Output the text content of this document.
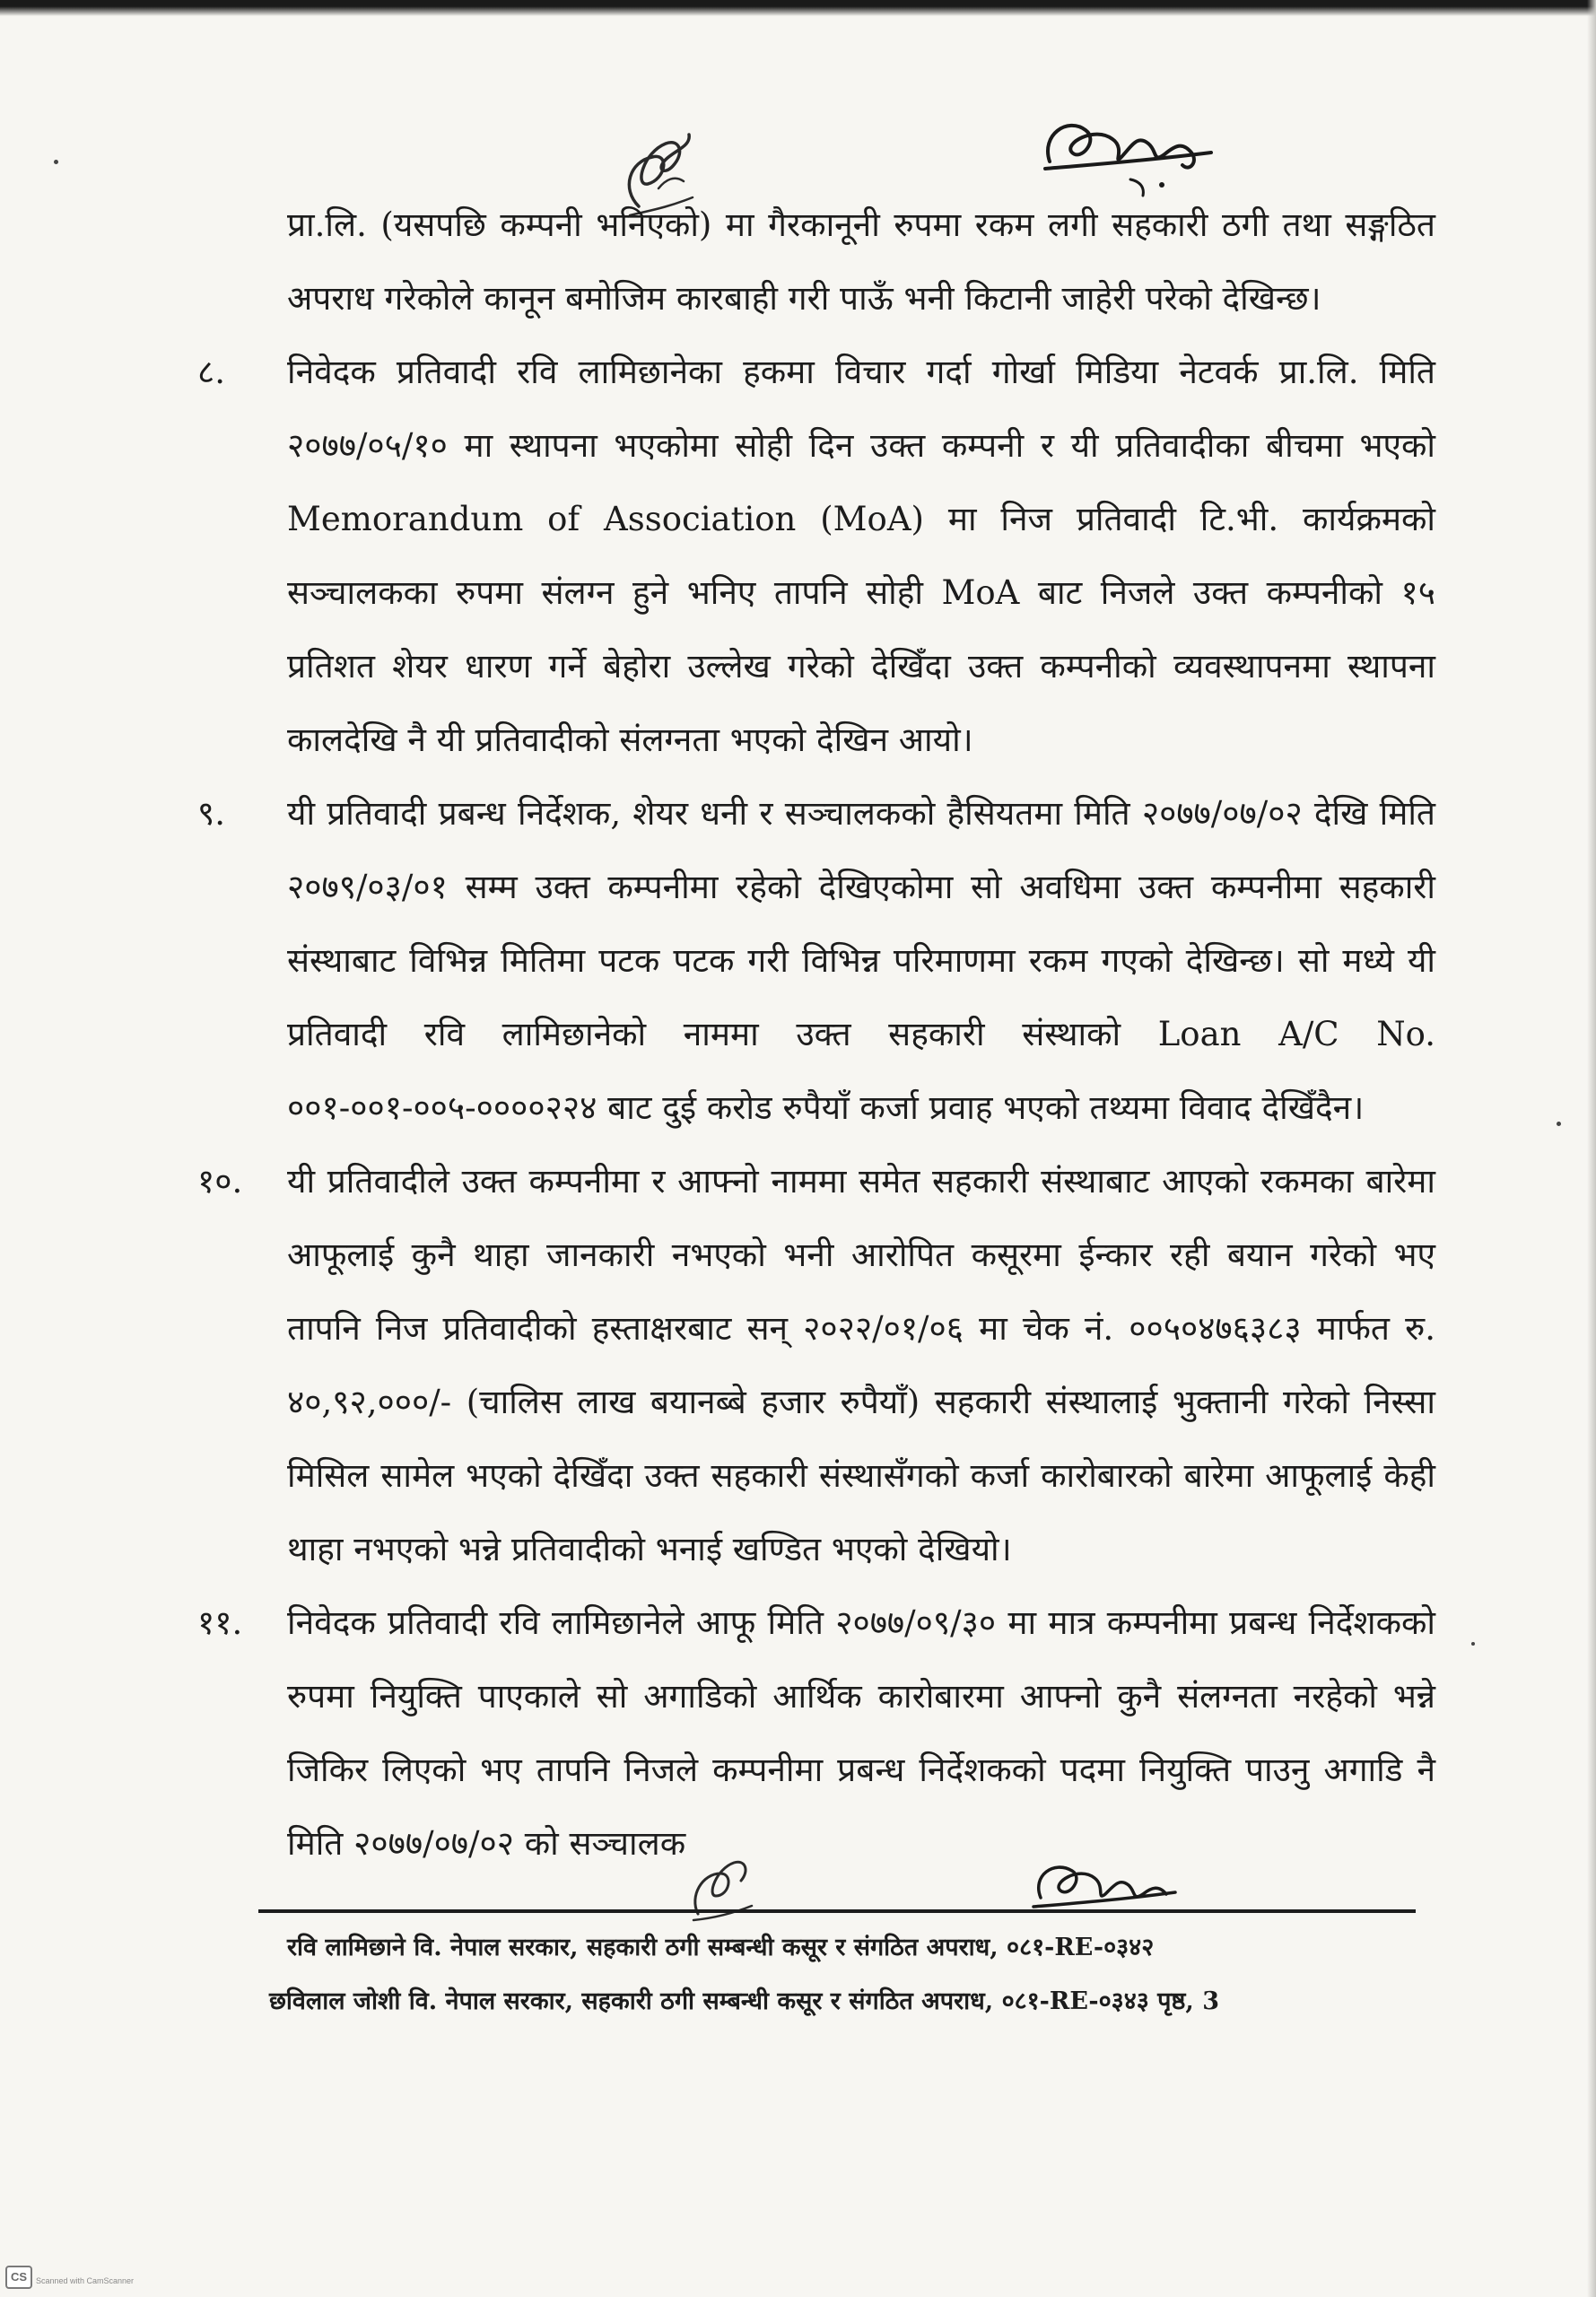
प्रा.लि. (यसपछि कम्पनी भनिएको) मा गैरकानूनी रुपमा रकम लगी सहकारी ठगी तथा सङ्गठित अपराध गरेकोले कानून बमोजिम कारबाही गरी पाऊँ भनी किटानी जाहेरी परेको देखिन्छ।

८.	निवेदक प्रतिवादी रवि लामिछानेका हकमा विचार गर्दा गोर्खा मिडिया नेटवर्क प्रा.लि. मिति २०७७/०५/१० मा स्थापना भएकोमा सोही दिन उक्त कम्पनी र यी प्रतिवादीका बीचमा भएको Memorandum of Association (MoA) मा निज प्रतिवादी टि.भी. कार्यक्रमको सञ्चालकका रुपमा संलग्न हुने भनिए तापनि सोही MoA बाट निजले उक्त कम्पनीको १५ प्रतिशत शेयर धारण गर्ने बेहोरा उल्लेख गरेको देखिँदा उक्त कम्पनीको व्यवस्थापनमा स्थापना कालदेखि नै यी प्रतिवादीको संलग्नता भएको देखिन आयो।

९.	यी प्रतिवादी प्रबन्ध निर्देशक, शेयर धनी र सञ्चालकको हैसियतमा मिति २०७७/०७/०२ देखि मिति २०७९/०३/०१ सम्म उक्त कम्पनीमा रहेको देखिएकोमा सो अवधिमा उक्त कम्पनीमा सहकारी संस्थाबाट विभिन्न मितिमा पटक पटक गरी विभिन्न परिमाणमा रकम गएको देखिन्छ। सो मध्ये यी प्रतिवादी रवि लामिछानेको नाममा उक्त सहकारी संस्थाको Loan A/C No. ००१-००१-००५-००००२२४ बाट दुई करोड रुपैयाँ कर्जा प्रवाह भएको तथ्यमा विवाद देखिँदैन।

१०.	यी प्रतिवादीले उक्त कम्पनीमा र आफ्नो नाममा समेत सहकारी संस्थाबाट आएको रकमका बारेमा आफूलाई कुनै थाहा जानकारी नभएको भनी आरोपित कसूरमा ईन्कार रही बयान गरेको भए तापनि निज प्रतिवादीको हस्ताक्षरबाट सन् २०२२/०१/०६ मा चेक नं. ००५०४७६३८३ मार्फत रु. ४०,९२,०००/- (चालिस लाख बयानब्बे हजार रुपैयाँ) सहकारी संस्थालाई भुक्तानी गरेको निस्सा मिसिल सामेल भएको देखिँदा उक्त सहकारी संस्थासँगको कर्जा कारोबारको बारेमा आफूलाई केही थाहा नभएको भन्ने प्रतिवादीको भनाई खण्डित भएको देखियो।

११.	निवेदक प्रतिवादी रवि लामिछानेले आफू मिति २०७७/०९/३० मा मात्र कम्पनीमा प्रबन्ध निर्देशकको रुपमा नियुक्ति पाएकाले सो अगाडिको आर्थिक कारोबारमा आफ्नो कुनै संलग्नता नरहेको भन्ने जिकिर लिएको भए तापनि निजले कम्पनीमा प्रबन्ध निर्देशकको पदमा नियुक्ति पाउनु अगाडि नै मिति २०७७/०७/०२ को सञ्चालक

रवि लामिछाने वि. नेपाल सरकार, सहकारी ठगी सम्बन्धी कसूर र संगठित अपराध, ०८१-RE-०३४२
छविलाल जोशी वि. नेपाल सरकार, सहकारी ठगी सम्बन्धी कसूर र संगठित अपराध, ०८१-RE-०३४३ पृष्ठ, 3
CS	Scanned with CamScanner
